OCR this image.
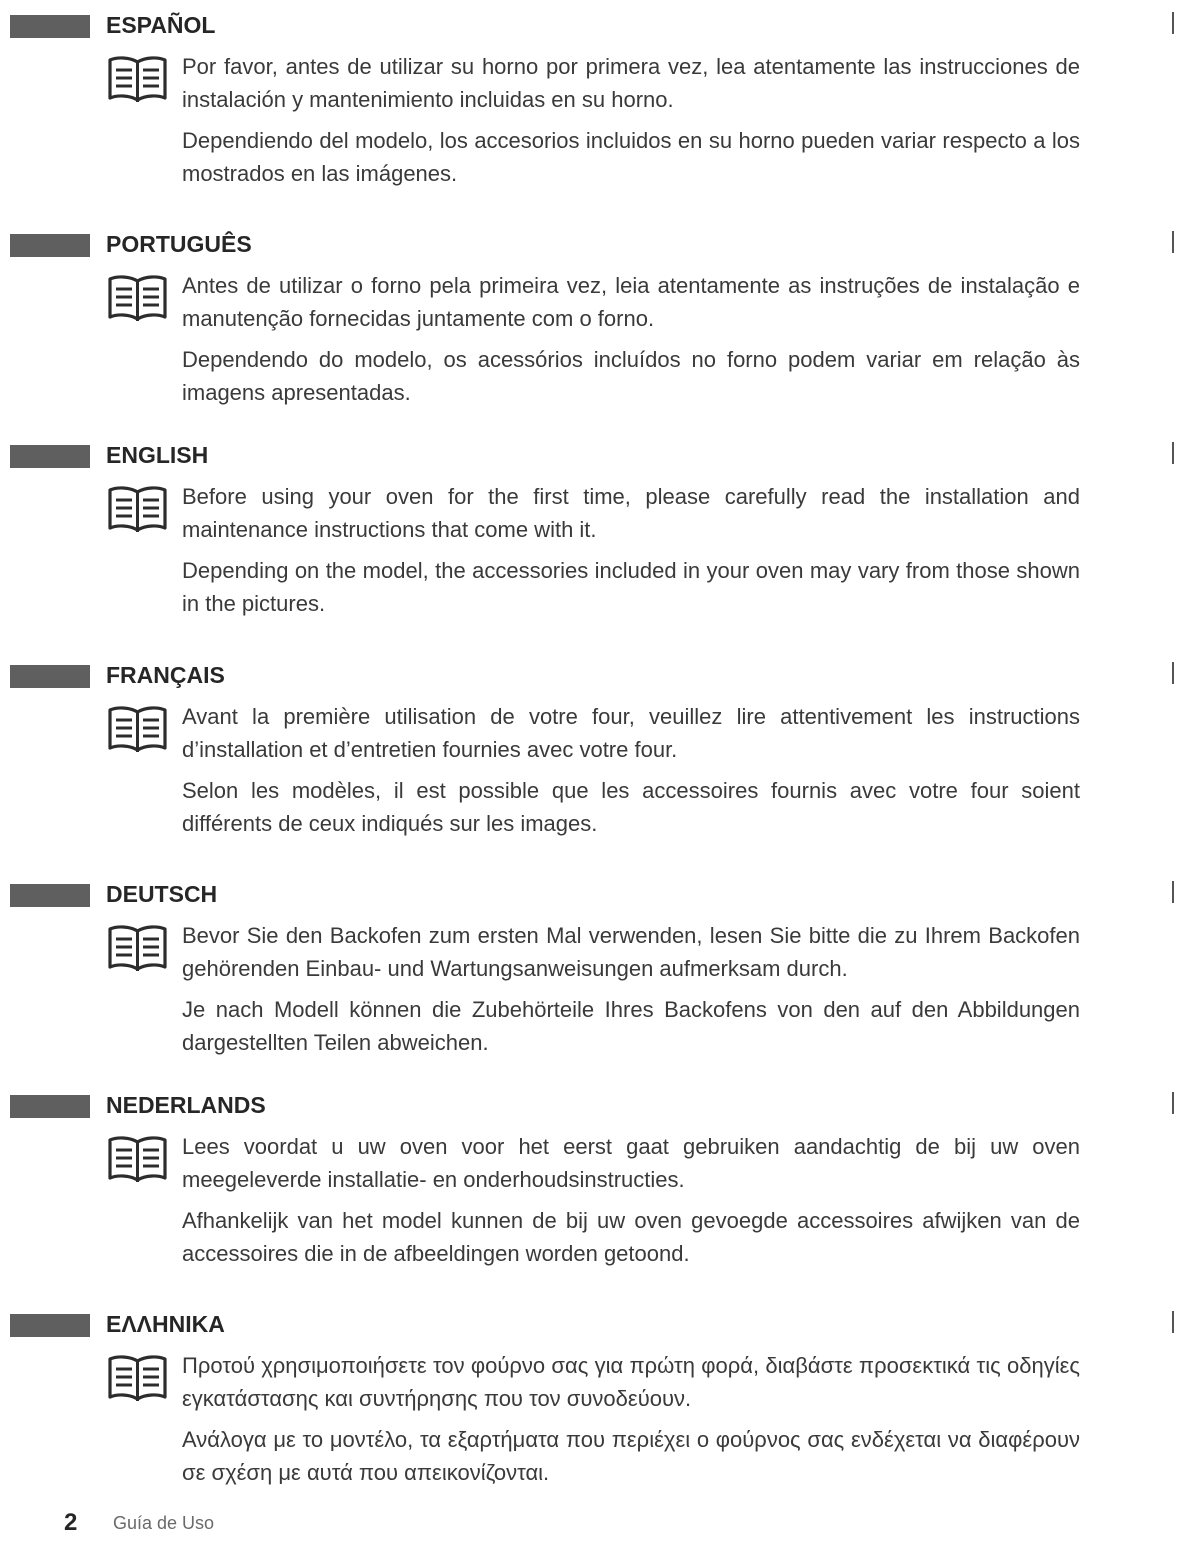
ESPAÑOL

Por favor, antes de utilizar su horno por primera vez, lea atentamente las instrucciones de instalación y mantenimiento incluidas en su horno.

Dependiendo del modelo, los accesorios incluidos en su horno pueden variar respecto a los mostrados en las imágenes.

PORTUGUÊS

Antes de utilizar o forno pela primeira vez, leia atentamente as instruções de instalação e manutenção fornecidas juntamente com o forno.

Dependendo do modelo, os acessórios incluídos no forno podem variar em relação às imagens apresentadas.

ENGLISH

Before using your oven for the first time, please carefully read the installation and maintenance instructions that come with it.

Depending on the model, the accessories included in your oven may vary from those shown in the pictures.

FRANÇAIS

Avant la première utilisation de votre four, veuillez lire attentivement les instructions d’installation et d’entretien fournies avec votre four.

Selon les modèles, il est possible que les accessoires fournis avec votre four soient différents de ceux indiqués sur les images.

DEUTSCH

Bevor Sie den Backofen zum ersten Mal verwenden, lesen Sie bitte die zu Ihrem Backofen gehörenden Einbau- und Wartungsanweisungen aufmerksam durch.

Je nach Modell können die Zubehörteile Ihres Backofens von den auf den Abbildungen dargestellten Teilen abweichen.

NEDERLANDS

Lees voordat u uw oven voor het eerst gaat gebruiken aandachtig de bij uw oven meegeleverde installatie- en onderhoudsinstructies.

Afhankelijk van het model kunnen de bij uw oven gevoegde accessoires afwijken van de accessoires die in de afbeeldingen worden getoond.

ΕΛΛΗΝΙΚΑ

Προτού χρησιμοποιήσετε τον φούρνο σας για πρώτη φορά, διαβάστε προσεκτικά τις οδηγίες εγκατάστασης και συντήρησης που τον συνοδεύουν.

Ανάλογα με το μοντέλο, τα εξαρτήματα που περιέχει ο φούρνος σας ενδέχεται να διαφέρουν σε σχέση με αυτά που απεικονίζονται.

2 Guía de Uso
